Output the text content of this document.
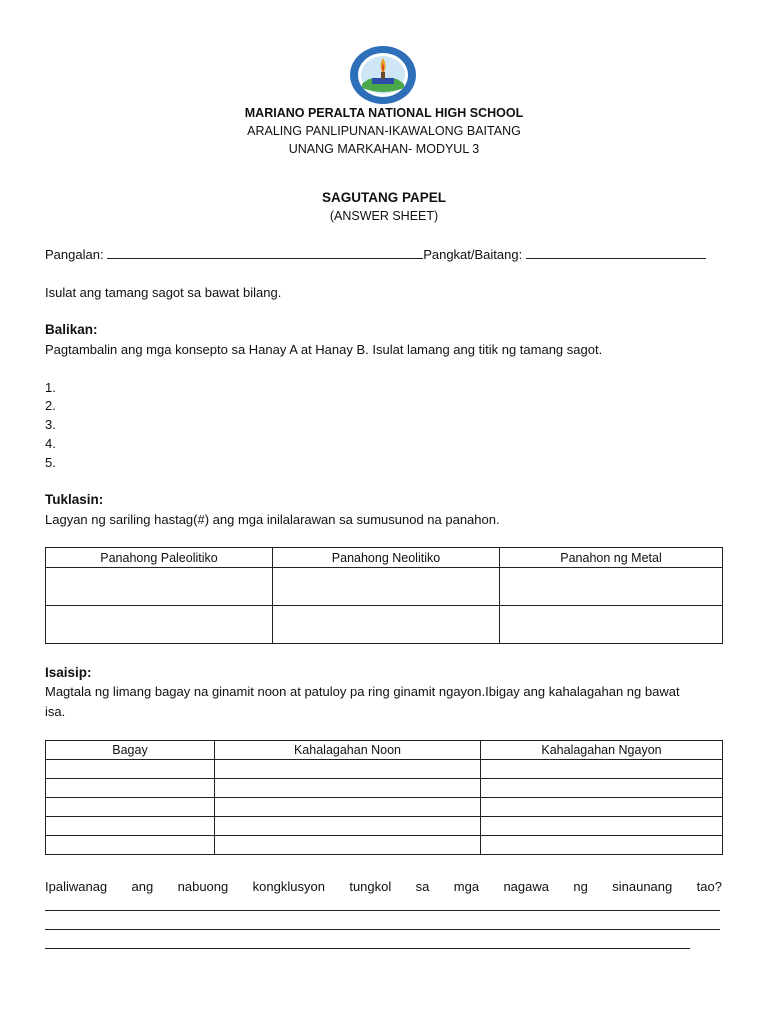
MARIANO PERALTA NATIONAL HIGH SCHOOL
ARALING PANLIPUNAN-IKAWALONG BAITANG
UNANG MARKAHAN- MODYUL 3
SAGUTANG PAPEL
(ANSWER SHEET)
Pangalan:	Pangkat/Baitang:
Isulat ang tamang sagot sa bawat bilang.
Balikan:
Pagtambalin ang mga konsepto sa Hanay A at Hanay B. Isulat lamang ang titik ng tamang sagot.
1.
2.
3.
4.
5.
Tuklasin:
Lagyan ng sariling hastag(#) ang mga inilalarawan sa sumusunod na panahon.
Panahong Paleolitiko	Panahong Neolitiko	Panahon ng Metal

Isaisip:
Magtala ng limang bagay na ginamit noon at patuloy pa ring ginamit ngayon.Ibigay ang kahalagahan ng bawat
isa.
Bagay	Kahalagahan Noon	Kahalagahan Ngayon

Ipaliwanag ang nabuong kongklusyon tungkol sa mga nagawa ng sinaunang tao?
